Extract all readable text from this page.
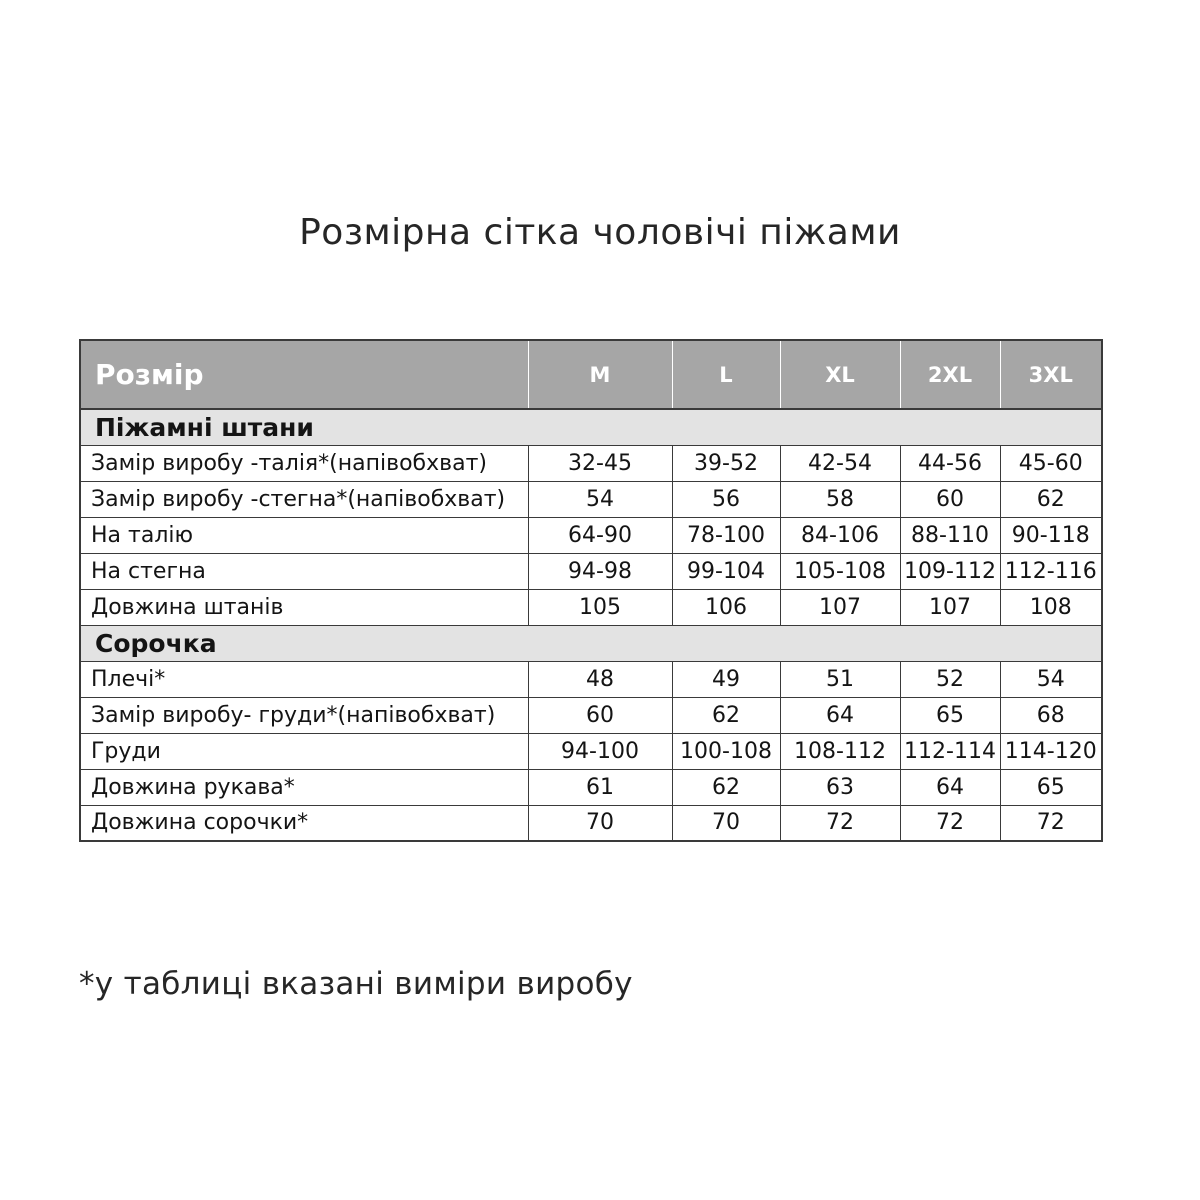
Розмірна сітка чоловічі піжами
Розмір	M	L	XL	2XL	3XL
Піжамні штани					
Замір виробу -талія*(напівобхват)	32-45	39-52	42-54	44-56	45-60
Замір виробу -стегна*(напівобхват)	54	56	58	60	62
На талію	64-90	78-100	84-106	88-110	90-118
На стегна	94-98	99-104	105-108	109-112	112-116
Довжина штанів	105	106	107	107	108
Сорочка					
Плечі*	48	49	51	52	54
Замір виробу- груди*(напівобхват)	60	62	64	65	68
Груди	94-100	100-108	108-112	112-114	114-120
Довжина рукава*	61	62	63	64	65
Довжина сорочки*	70	70	72	72	72
*у таблиці вказані виміри виробу
